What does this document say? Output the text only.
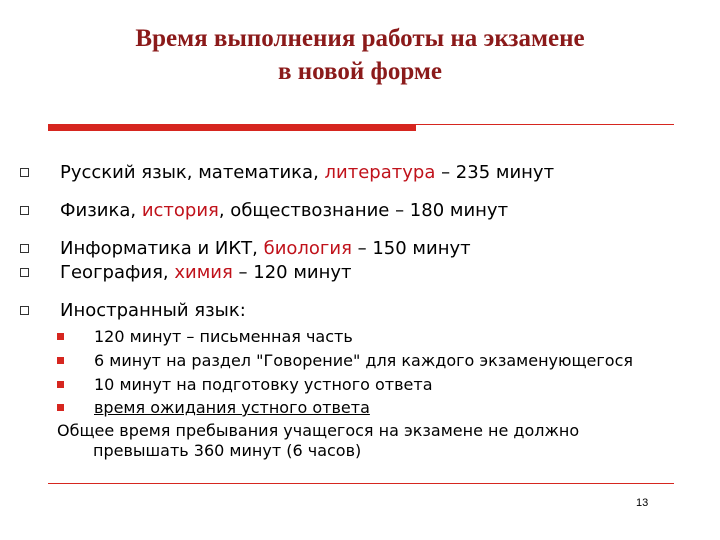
Время выполнения работы на экзамене
в новой форме
Русский язык, математика, литература – 235 минут
Физика, история, обществознание – 180 минут
Информатика и ИКТ, биология – 150 минут
География, химия – 120 минут
Иностранный язык:
120 минут – письменная часть
6 минут на раздел "Говорение" для каждого экзаменующегося
10 минут на подготовку устного ответа
время ожидания устного ответа
Общее время пребывания учащегося на экзамене не должно
превышать 360 минут (6 часов)
13
